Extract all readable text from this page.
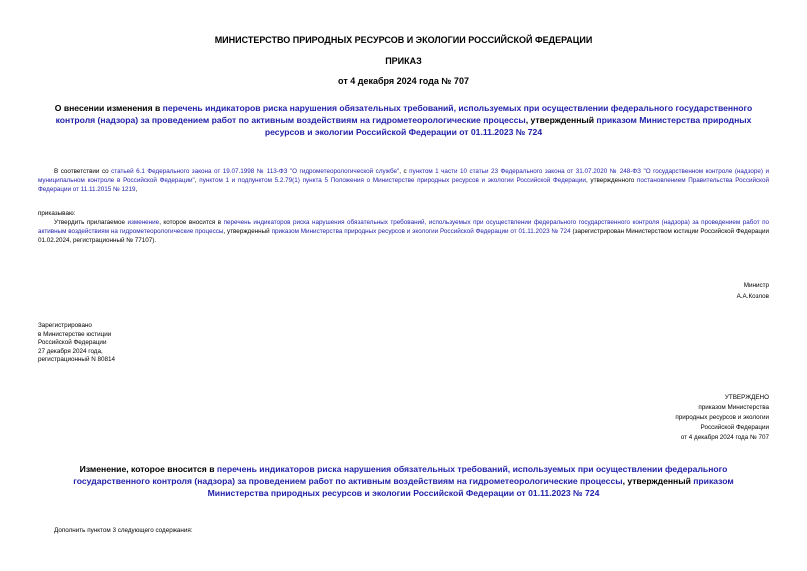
МИНИСТЕРСТВО ПРИРОДНЫХ РЕСУРСОВ И ЭКОЛОГИИ РОССИЙСКОЙ ФЕДЕРАЦИИ
ПРИКАЗ
от 4 декабря 2024 года № 707
О внесении изменения в перечень индикаторов риска нарушения обязательных требований, используемых при осуществлении федерального государственного контроля (надзора) за проведением работ по активным воздействиям на гидрометеорологические процессы, утвержденный приказом Министерства природных ресурсов и экологии Российской Федерации от 01.11.2023 № 724
В соответствии со статьей 6.1 Федерального закона от 19.07.1998 № 113-ФЗ "О гидрометеорологической службе", с пунктом 1 части 10 статьи 23 Федерального закона от 31.07.2020 № 248-ФЗ "О государственном контроле (надзоре) и муниципальном контроле в Российской Федерации", пунктом 1 и подпунктом 5.2.79(1) пункта 5 Положения о Министерстве природных ресурсов и экологии Российской Федерации, утвержденного постановлением Правительства Российской Федерации от 11.11.2015 № 1219,
приказываю:
Утвердить прилагаемое изменение, которое вносится в перечень индикаторов риска нарушения обязательных требований, используемых при осуществлении федерального государственного контроля (надзора) за проведением работ по активным воздействиям на гидрометеорологические процессы, утвержденный приказом Министерства природных ресурсов и экологии Российской Федерации от 01.11.2023 № 724 (зарегистрирован Министерством юстиции Российской Федерации 01.02.2024, регистрационный № 77107).
Министр
А.А.Козлов
Зарегистрировано
в Министерстве юстиции
Российской Федерации
27 декабря 2024 года,
регистрационный N 80814
УТВЕРЖДЕНО
приказом Министерства
природных ресурсов и экологии
Российской Федерации
от 4 декабря 2024 года № 707
Изменение, которое вносится в перечень индикаторов риска нарушения обязательных требований, используемых при осуществлении федерального государственного контроля (надзора) за проведением работ по активным воздействиям на гидрометеорологические процессы, утвержденный приказом Министерства природных ресурсов и экологии Российской Федерации от 01.11.2023 № 724
Дополнить пунктом 3 следующего содержания:
